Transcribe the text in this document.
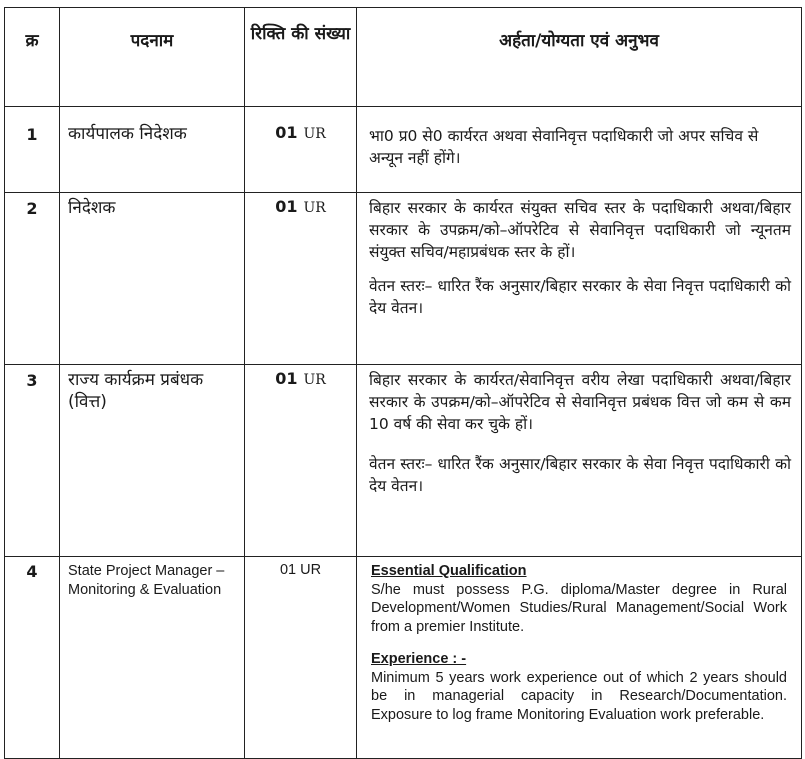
क्र	पदनाम	रिक्ति की संख्या	अर्हता/योग्यता एवं अनुभव
1	कार्यपालक निदेशक	01 UR	भा0 प्र0 से0 कार्यरत अथवा सेवानिवृत्त पदाधिकारी जो अपर सचिव से अन्यून नहीं होंगे।

2	निदेशक	01 UR	बिहार सरकार के कार्यरत संयुक्त सचिव स्तर के पदाधिकारी अथवा/बिहार सरकार के उपक्रम/को–ऑपरेटिव से सेवानिवृत्त पदाधिकारी जो न्यूनतम संयुक्त सचिव/महाप्रबंधक स्तर के हों।

वेतन स्तरः– धारित रैंक अनुसार/बिहार सरकार के सेवा निवृत्त पदाधिकारी को देय वेतन।

3	राज्य कार्यक्रम प्रबंधक (वित्त)	01 UR	बिहार सरकार के कार्यरत/सेवानिवृत्त वरीय लेखा पदाधिकारी अथवा/बिहार सरकार के उपक्रम/को–ऑपरेटिव से सेवानिवृत्त प्रबंधक वित्त जो कम से कम 10 वर्ष की सेवा कर चुके हों।

वेतन स्तरः– धारित रैंक अनुसार/बिहार सरकार के सेवा निवृत्त पदाधिकारी को देय वेतन।

4	State Project Manager – Monitoring & Evaluation	01 UR	Essential Qualification
S/he must possess P.G. diploma/Master degree in Rural Development/Women Studies/Rural Management/Social Work from a premier Institute.
Experience : -
Minimum 5 years work experience out of which 2 years should be in managerial capacity in Research/Documentation. Exposure to log frame Monitoring Evaluation work preferable.
